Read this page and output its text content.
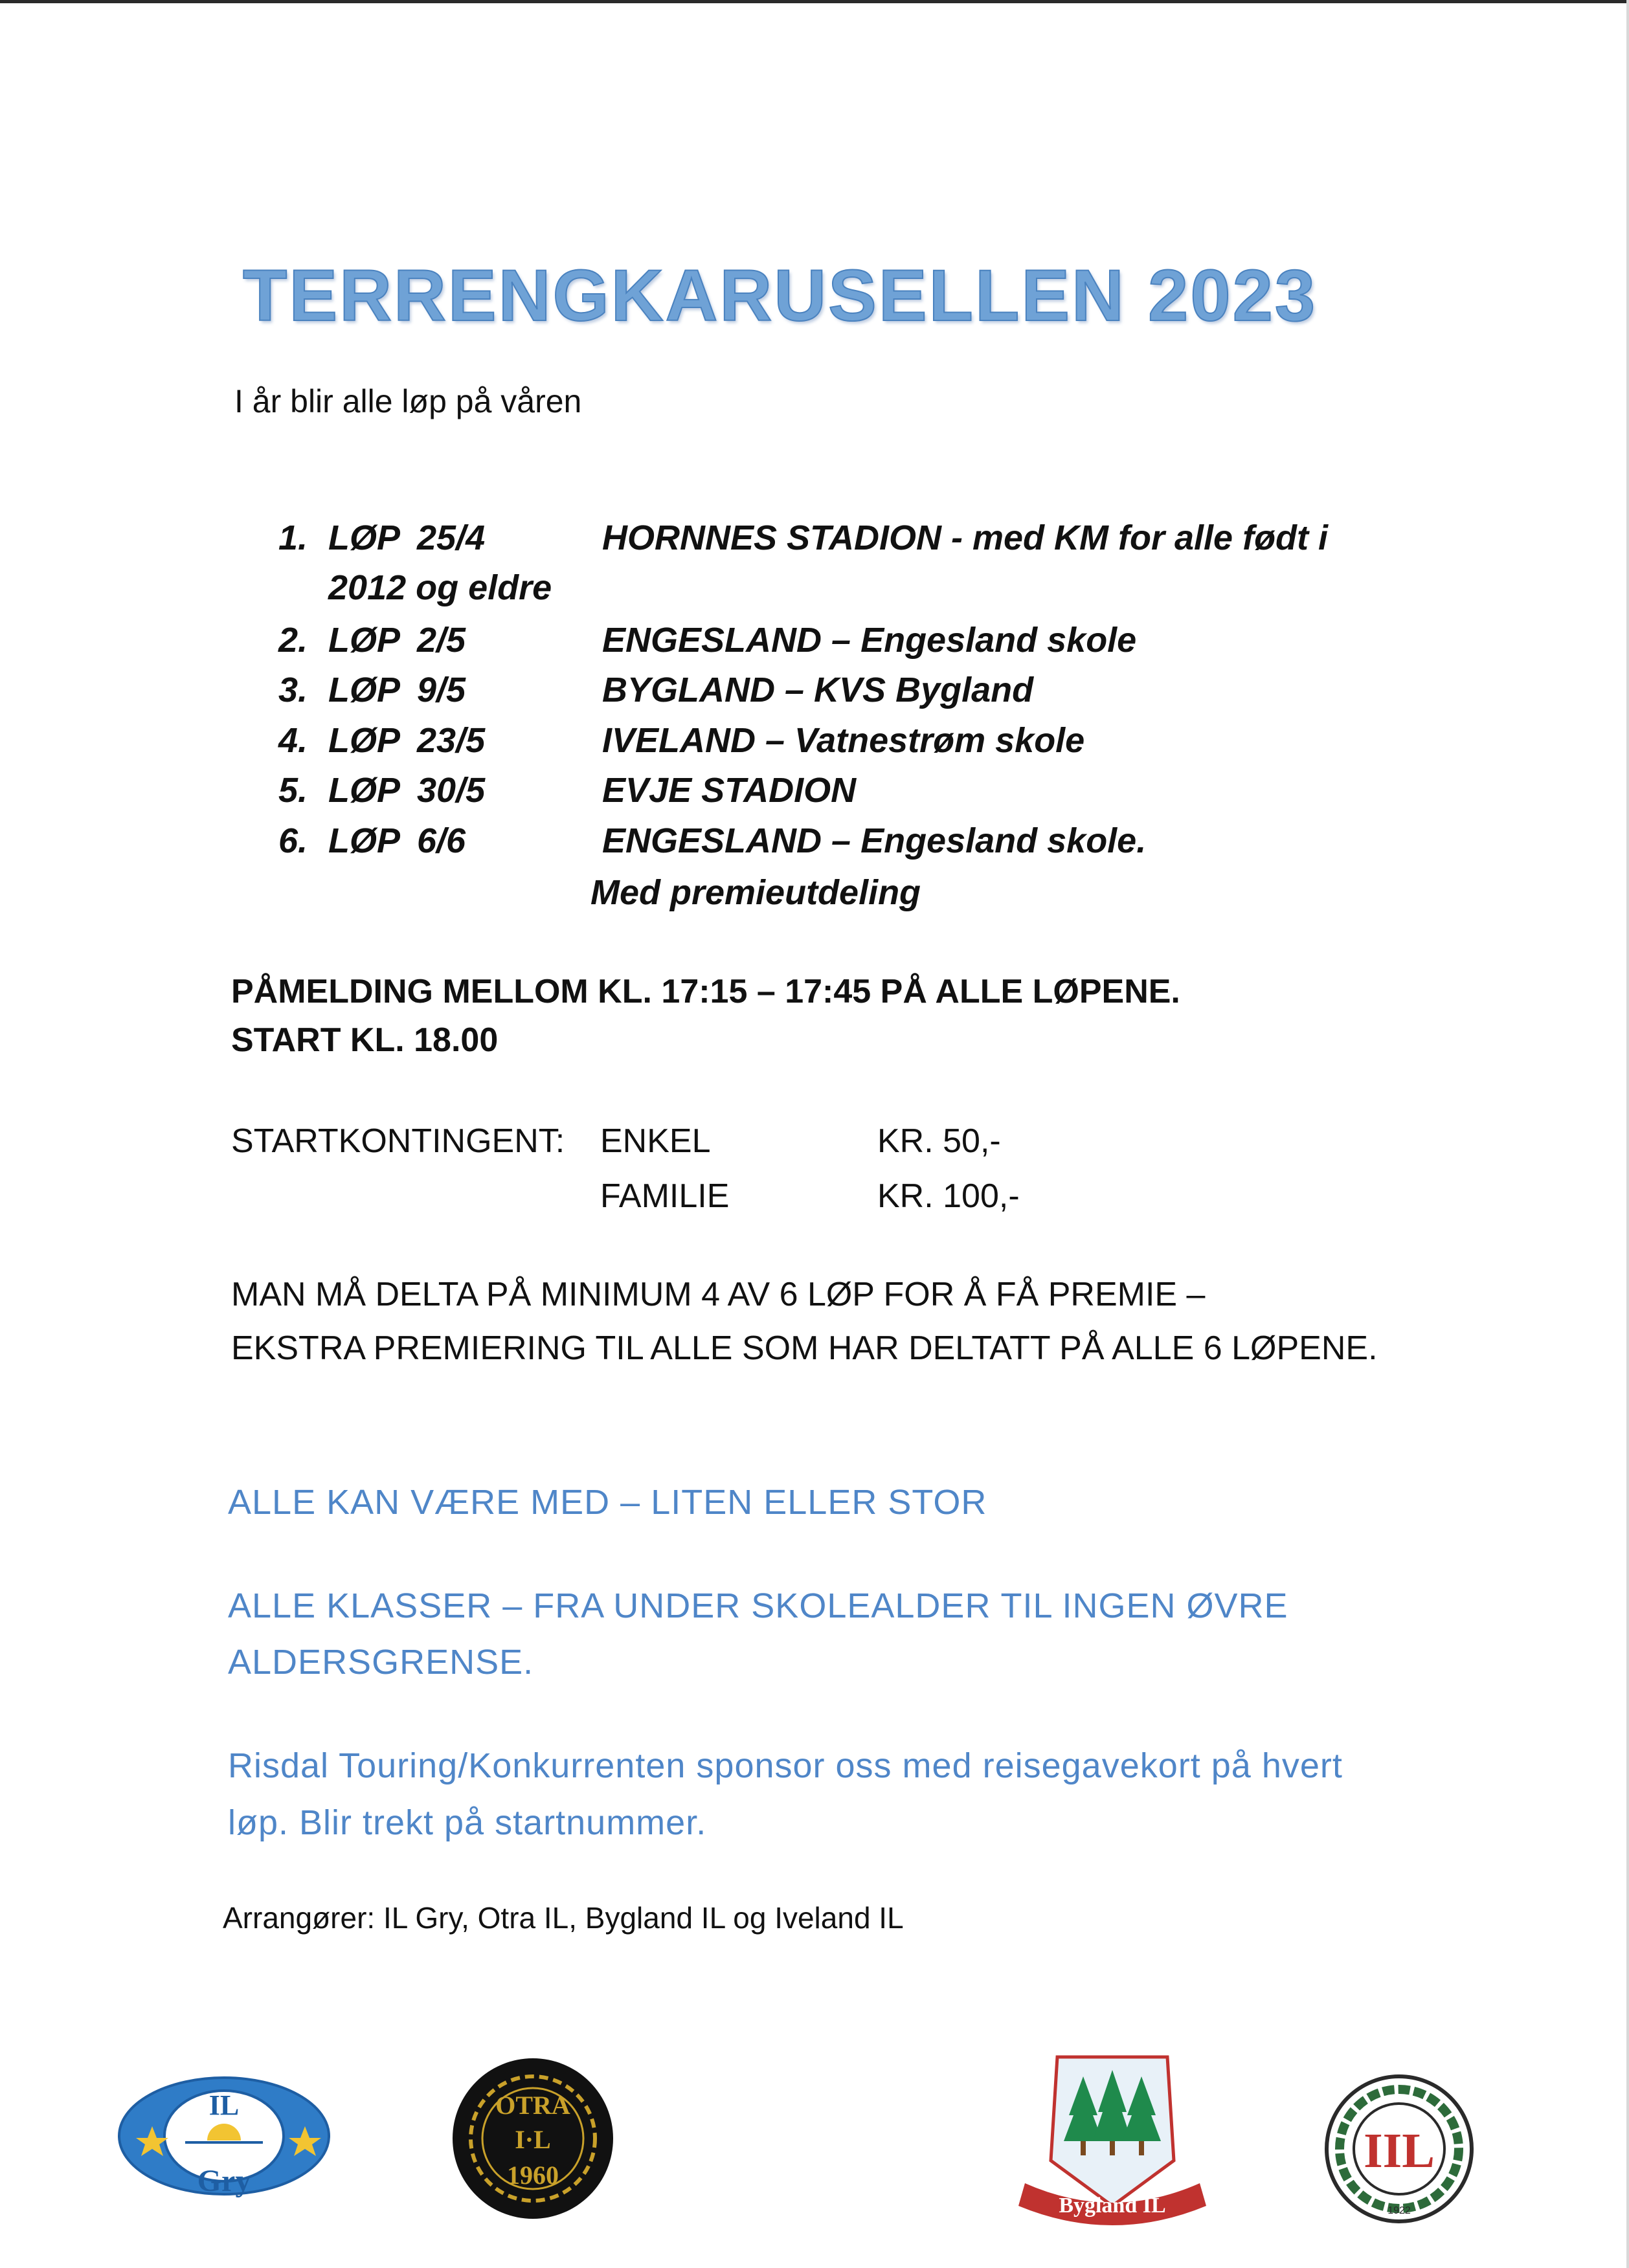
TERRENGKARUSELLEN 2023
I år blir alle løp på våren
1. LØP 25/4	HORNNES STADION - med KM for alle født i
2012 og eldre
2. LØP 2/5	ENGESLAND – Engesland skole
3. LØP 9/5	BYGLAND – KVS Bygland
4. LØP 23/5	IVELAND – Vatnestrøm skole
5. LØP 30/5	EVJE STADION
6. LØP 6/6	ENGESLAND – Engesland skole.
Med premieutdeling
PÅMELDING MELLOM KL. 17:15 – 17:45 PÅ ALLE LØPENE.
START KL. 18.00
STARTKONTINGENT: ENKEL	KR. 50,-
FAMILIE	KR. 100,-
MAN MÅ DELTA PÅ MINIMUM 4 AV 6 LØP FOR Å FÅ PREMIE –
EKSTRA PREMIERING TIL ALLE SOM HAR DELTATT PÅ ALLE 6 LØPENE.
ALLE KAN VÆRE MED – LITEN ELLER STOR
ALLE KLASSER – FRA UNDER SKOLEALDER TIL INGEN ØVRE
ALDERSGRENSE.
Risdal Touring/Konkurrenten sponsor oss med reisegavekort på hvert
løp. Blir trekt på startnummer.
Arrangører: IL Gry, Otra IL, Bygland IL og Iveland IL
IL
Gry
OTRA
I·L
1960
Bygland IL
IIL
1922
